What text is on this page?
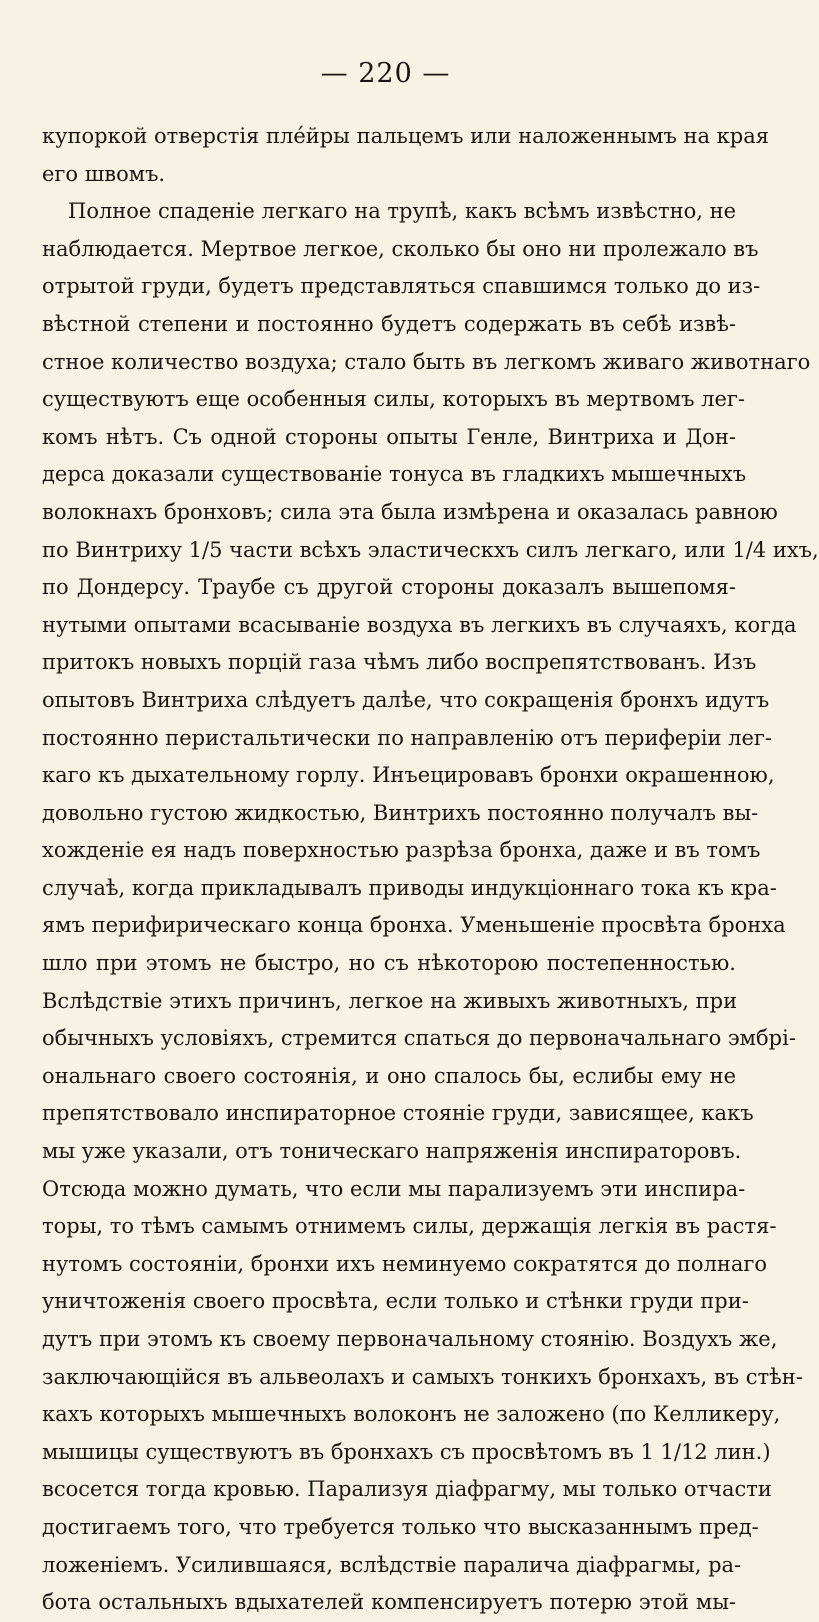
— 220 —
купоркой отверстія плéйры пальцемъ или наложеннымъ на края
его швомъ.
Полное спаденіе легкаго на трупѣ, какъ всѣмъ извѣстно, не
наблюдается. Мертвое легкое, сколько бы оно ни пролежало въ
отрытой груди, будетъ представляться спавшимся только до из-
вѣстной степени и постоянно будетъ содержать въ себѣ извѣ-
стное количество воздуха; стало быть въ легкомъ живаго животнаго
существуютъ еще особенныя силы, которыхъ въ мертвомъ лег-
комъ нѣтъ. Съ одной стороны опыты Генле, Винтриха и Дон-
дерса доказали существованіе тонуса въ гладкихъ мышечныхъ
волокнахъ бронховъ; сила эта была измѣрена и оказалась равною
по Винтриху 1/5 части всѣхъ эластическхъ силъ легкаго, или 1/4 ихъ,
по Дондерсу. Траубе съ другой стороны доказалъ вышепомя-
нутыми опытами всасываніе воздуха въ легкихъ въ случаяхъ, когда
притокъ новыхъ порцій газа чѣмъ либо воспрепятствованъ. Изъ
опытовъ Винтриха слѣдуетъ далѣе, что сокращенія бронхъ идутъ
постоянно перистальтически по направленію отъ периферіи лег-
каго къ дыхательному горлу. Инъецировавъ бронхи окрашенною,
довольно густою жидкостью, Винтрихъ постоянно получалъ вы-
хожденіе ея надъ поверхностью разрѣза бронха, даже и въ томъ
случаѣ, когда прикладывалъ приводы индукціоннаго тока къ кра-
ямъ перифирическаго конца бронха. Уменьшеніе просвѣта бронха
шло при этомъ не быстро, но съ нѣкоторою постепенностью.
Вслѣдствіе этихъ причинъ, легкое на живыхъ животныхъ, при
обычныхъ условіяхъ, стремится спаться до первоначальнаго эмбрі-
ональнаго своего состоянія, и оно спалось бы, еслибы ему не
препятствовало инспираторное стояніе груди, зависящее, какъ
мы уже указали, отъ тоническаго напряженія инспираторовъ.
Отсюда можно думать, что если мы парализуемъ эти инспира-
торы, то тѣмъ самымъ отнимемъ силы, держащія легкія въ растя-
нутомъ состояніи, бронхи ихъ неминуемо сократятся до полнаго
уничтоженія своего просвѣта, если только и стѣнки груди при-
дутъ при этомъ къ своему первоначальному стоянію. Воздухъ же,
заключающійся въ альвеолахъ и самыхъ тонкихъ бронхахъ, въ стѣн-
кахъ которыхъ мышечныхъ волоконъ не заложено (по Келликеру,
мышицы существуютъ въ бронхахъ съ просвѣтомъ въ 1 1/12 лин.)
всосется тогда кровью. Парализуя діафрагму, мы только отчасти
достигаемъ того, что требуется только что высказаннымъ пред-
ложеніемъ. Усилившаяся, вслѣдствіе паралича діафрагмы, ра-
бота остальныхъ вдыхателей компенсируетъ потерю этой мы-
